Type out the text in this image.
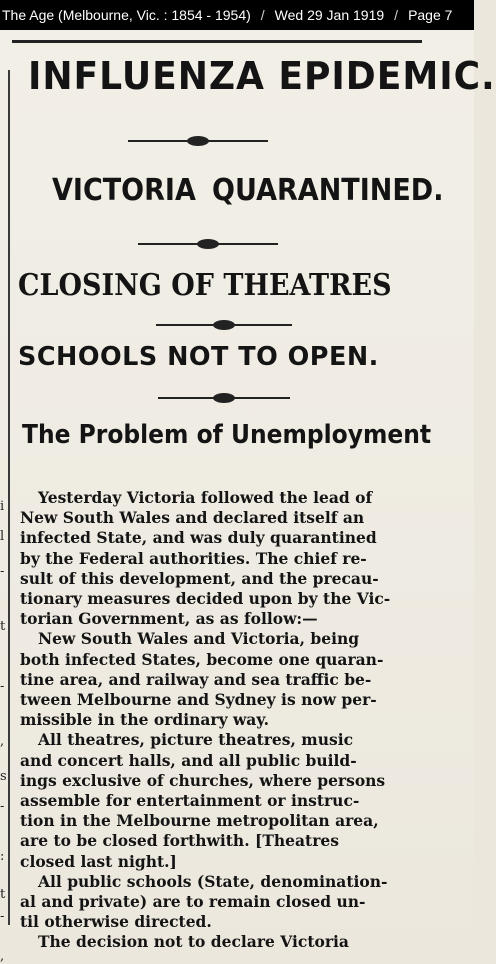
The Age (Melbourne, Vic. : 1854 - 1954) / Wed 29 Jan 1919 / Page 7
i
l
-
t
-
,
s
-
:
t
-
,
INFLUENZA EPIDEMIC.
VICTORIA QUARANTINED.
CLOSING OF THEATRES
SCHOOLS NOT TO OPEN.
The Problem of Unemployment
Yesterday Victoria followed the lead of
New South Wales and declared itself an
infected State, and was duly quarantined
by the Federal authorities. The chief re-
sult of this development, and the precau-
tionary measures decided upon by the Vic-
torian Government, as as follow:—
New South Wales and Victoria, being
both infected States, become one quaran-
tine area, and railway and sea traffic be-
tween Melbourne and Sydney is now per-
missible in the ordinary way.
All theatres, picture theatres, music
and concert halls, and all public build-
ings exclusive of churches, where persons
assemble for entertainment or instruc-
tion in the Melbourne metropolitan area,
are to be closed forthwith. [Theatres
closed last night.]
All public schools (State, denomination-
al and private) are to remain closed un-
til otherwise directed.
The decision not to declare Victoria
